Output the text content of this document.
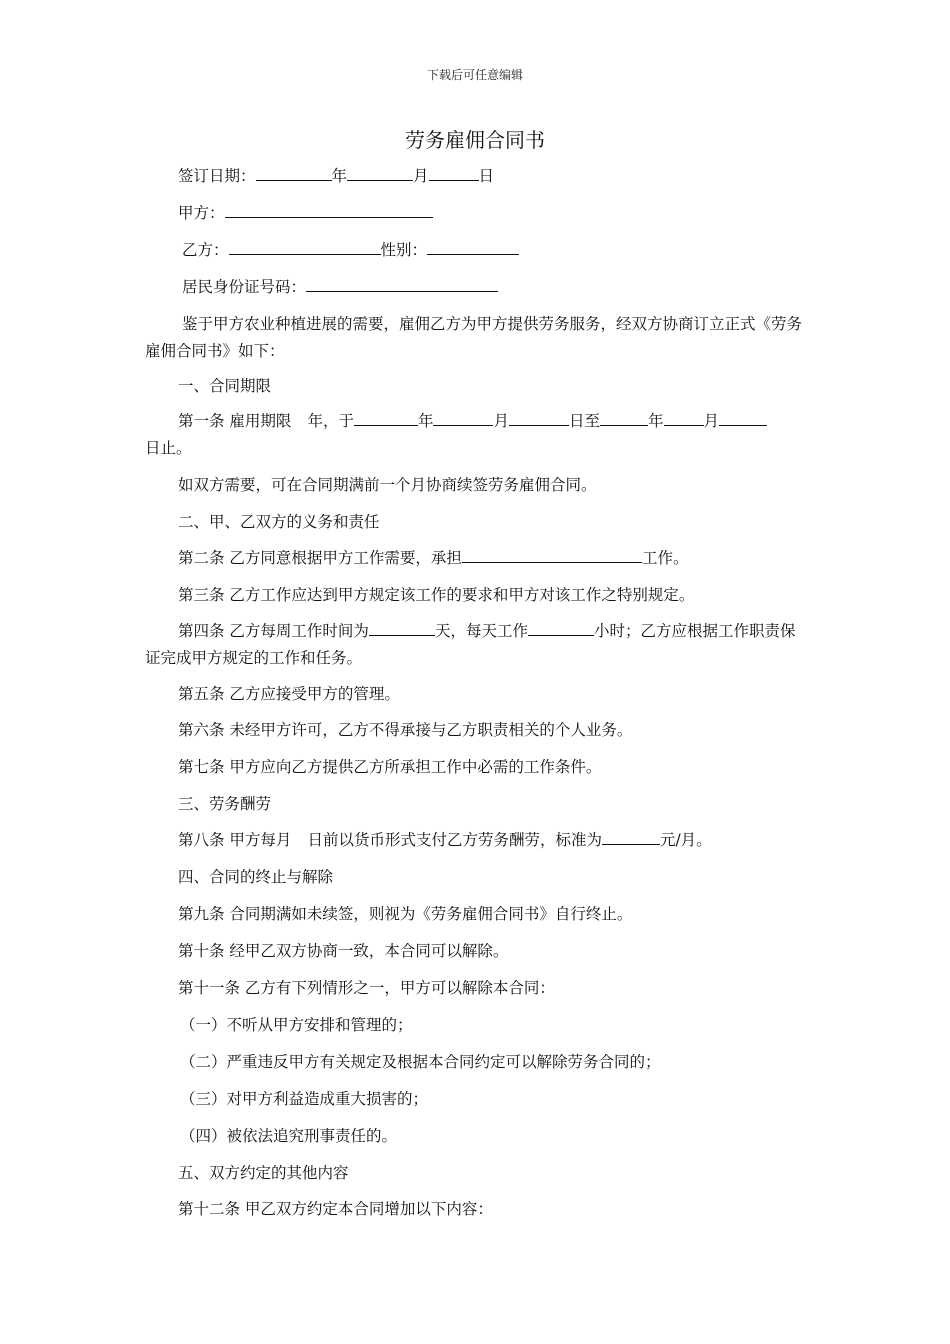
下载后可任意编辑
劳务雇佣合同书
签订日期：	年	月	日
甲方：
乙方：	性别：
居民身份证号码：
鉴于甲方农业种植进展的需要，雇佣乙方为甲方提供劳务服务，经双方协商订立正式《劳务雇佣合同书》如下：
一、合同期限
第一条 雇用期限 年，于	年	月	日至	年	月
日止。
如双方需要，可在合同期满前一个月协商续签劳务雇佣合同。
二、甲、乙双方的义务和责任
第二条 乙方同意根据甲方工作需要，承担	工作。
第三条 乙方工作应达到甲方规定该工作的要求和甲方对该工作之特别规定。
第四条 乙方每周工作时间为	天，每天工作	小时；乙方应根据工作职责保证完成甲方规定的工作和任务。
第五条 乙方应接受甲方的管理。
第六条 未经甲方许可，乙方不得承接与乙方职责相关的个人业务。
第七条 甲方应向乙方提供乙方所承担工作中必需的工作条件。
三、劳务酬劳
第八条 甲方每月 日前以货币形式支付乙方劳务酬劳，标准为	元/月。
四、合同的终止与解除
第九条 合同期满如未续签，则视为《劳务雇佣合同书》自行终止。
第十条 经甲乙双方协商一致，本合同可以解除。
第十一条 乙方有下列情形之一，甲方可以解除本合同：
（一）不听从甲方安排和管理的；
（二）严重违反甲方有关规定及根据本合同约定可以解除劳务合同的；
（三）对甲方利益造成重大损害的；
（四）被依法追究刑事责任的。
五、双方约定的其他内容
第十二条 甲乙双方约定本合同增加以下内容：
